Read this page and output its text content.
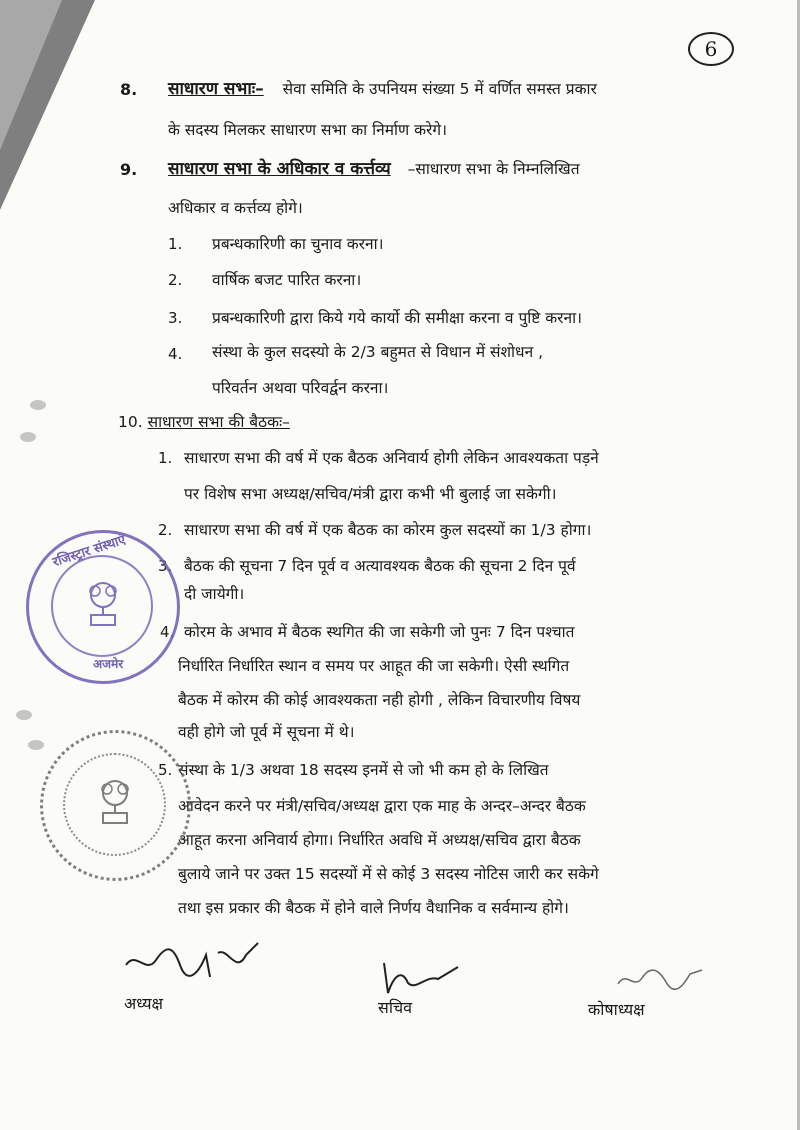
6
8. साधारण सभाः– सेवा समिति के उपनियम संख्या 5 में वर्णित समस्त प्रकार
के सदस्य मिलकर साधारण सभा का निर्माण करेगे।
9. साधारण सभा के अधिकार व कर्त्तव्य –साधारण सभा के निम्नलिखित
अधिकार व कर्त्तव्य होगे।
1. प्रबन्धकारिणी का चुनाव करना।
2. वार्षिक बजट पारित करना।
3. प्रबन्धकारिणी द्वारा किये गये कार्यो की समीक्षा करना व पुष्टि करना।
4. संस्था के कुल सदस्यो के 2/3 बहुमत से विधान में संशोधन ,
परिवर्तन अथवा परिवर्द्वन करना।
10. साधारण सभा की बैठकः–
1. साधारण सभा की वर्ष में एक बैठक अनिवार्य होगी लेकिन आवश्यकता पड़ने
पर विशेष सभा अध्यक्ष/सचिव/मंत्री द्वारा कभी भी बुलाई जा सकेगी।
2. साधारण सभा की वर्ष में एक बैठक का कोरम कुल सदस्यों का 1/3 होगा।
3. बैठक की सूचना 7 दिन पूर्व व अत्यावश्यक बैठक की सूचना 2 दिन पूर्व
दी जायेगी।
4. कोरम के अभाव में बैठक स्थगित की जा सकेगी जो पुनः 7 दिन पश्चात
निर्धारित निर्धारित स्थान व समय पर आहूत की जा सकेगी। ऐसी स्थगित
बैठक में कोरम की कोई आवश्यकता नही होगी , लेकिन विचारणीय विषय
वही होगे जो पूर्व में सूचना में थे।
5. संस्था के 1/3 अथवा 18 सदस्य इनमें से जो भी कम हो के लिखित
आवेदन करने पर मंत्री/सचिव/अध्यक्ष द्वारा एक माह के अन्दर–अन्दर बैठक
आहूत करना अनिवार्य होगा। निर्धारित अवधि में अध्यक्ष/सचिव द्वारा बैठक
बुलाये जाने पर उक्त 15 सदस्यों में से कोई 3 सदस्य नोटिस जारी कर सकेगे
तथा इस प्रकार की बैठक में होने वाले निर्णय वैधानिक व सर्वमान्य होगे।
रजिस्ट्रार संस्थाएं
अजमेर
अध्यक्ष	सचिव	कोषाध्यक्ष
